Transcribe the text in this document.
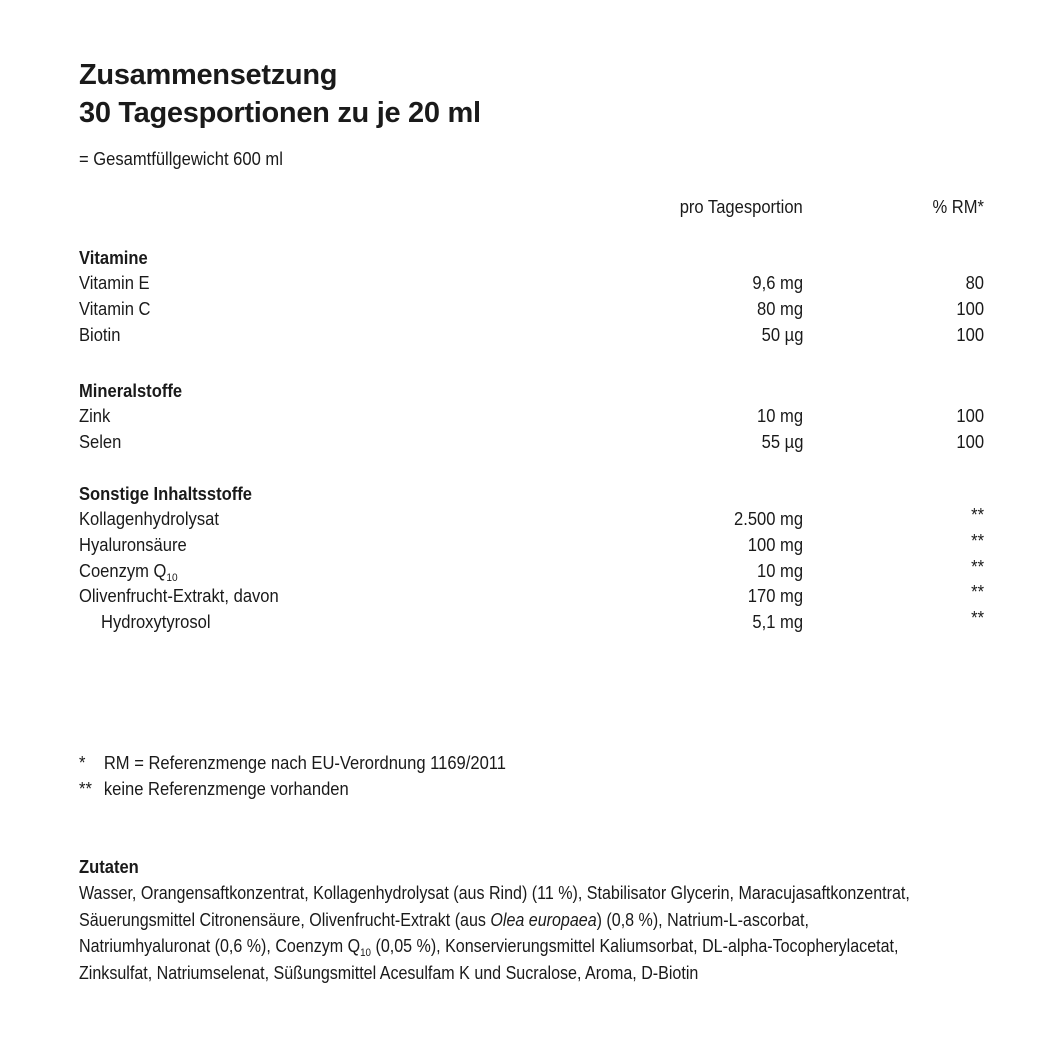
Zusammensetzung
30 Tagesportionen zu je 20 ml
= Gesamtfüllgewicht 600 ml
pro Tagesportion	% RM*
Vitamine
Vitamin E	9,6 mg	80
Vitamin C	80 mg	100
Biotin	50 µg	100
Mineralstoffe
Zink	10 mg	100
Selen	55 µg	100
Sonstige Inhaltsstoffe
Kollagenhydrolysat	2.500 mg	**
Hyaluronsäure	100 mg	**
Coenzym $Q_{10}$	10 mg	**
Olivenfrucht-Extrakt, davon	170 mg	**
Hydroxytyrosol	5,1 mg	**
* RM = Referenzmenge nach EU-Verordnung 1169/2011
** keine Referenzmenge vorhanden
Zutaten
Wasser, Orangensaftkonzentrat, Kollagenhydrolysat (aus Rind) (11 %), Stabilisator Glycerin, Maracujasaftkonzentrat,
Säuerungsmittel Citronensäure, Olivenfrucht-Extrakt (aus Olea europaea) (0,8 %), Natrium-L-ascorbat,
Natriumhyaluronat (0,6 %), Coenzym $Q_{10}$ (0,05 %), Konservierungsmittel Kaliumsorbat, DL-alpha-Tocopherylacetat,
Zinksulfat, Natriumselenat, Süßungsmittel Acesulfam K und Sucralose, Aroma, D-Biotin
